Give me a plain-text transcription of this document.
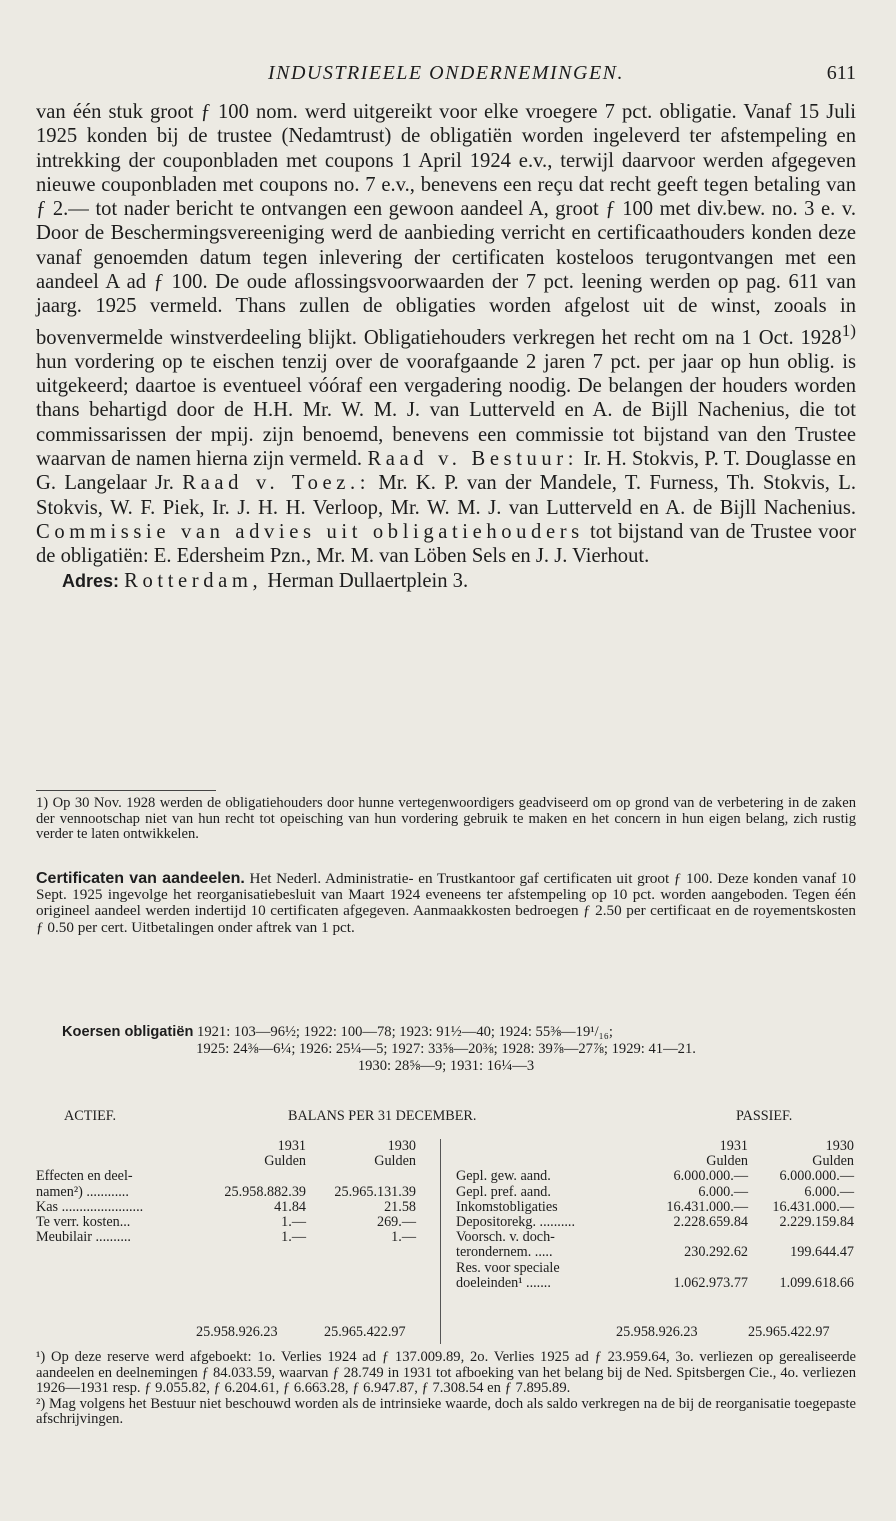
INDUSTRIEELE ONDERNEMINGEN.	611

van één stuk groot ƒ 100 nom. werd uitgereikt voor elke vroegere 7 pct. obligatie. Vanaf 15 Juli 1925 konden bij de trustee (Nedamtrust) de obligatiën worden ingeleverd ter afstempeling en intrekking der couponbladen met coupons 1 April 1924 e.v., terwijl daarvoor werden afgegeven nieuwe couponbladen met coupons no. 7 e.v., benevens een reçu dat recht geeft tegen betaling van ƒ 2.— tot nader bericht te ontvangen een gewoon aandeel A, groot ƒ 100 met div.bew. no. 3 e. v. Door de Beschermingsvereeniging werd de aanbieding verricht en certificaathouders konden deze vanaf genoemden datum tegen inlevering der certificaten kosteloos terugontvangen met een aandeel A ad ƒ 100. De oude aflossingsvoorwaarden der 7 pct. leening werden op pag. 611 van jaarg. 1925 vermeld. Thans zullen de obligaties worden afgelost uit de winst, zooals in bovenvermelde winstverdeeling blijkt. Obligatiehouders verkregen het recht om na 1 Oct. 1928$^{1)}$ hun vordering op te eischen tenzij over de voorafgaande 2 jaren 7 pct. per jaar op hun oblig. is uitgekeerd; daartoe is eventueel vóóraf een vergadering noodig. De belangen der houders worden thans behartigd door de H.H. Mr. W. M. J. van Lutterveld en A. de Bijll Nachenius, die tot commissarissen der mpij. zijn benoemd, benevens een commissie tot bijstand van den Trustee waarvan de namen hierna zijn vermeld. Raad v. Bestuur: Ir. H. Stokvis, P. T. Douglasse en G. Langelaar Jr. Raad v. Toez.: Mr. K. P. van der Mandele, T. Furness, Th. Stokvis, L. Stokvis, W. F. Piek, Ir. J. H. H. Verloop, Mr. W. M. J. van Lutterveld en A. de Bijll Nachenius. Commissie van advies uit obligatiehouders tot bijstand van de Trustee voor de obligatiën: E. Edersheim Pzn., Mr. M. van Löben Sels en J. J. Vierhout.

Adres: Rotterdam, Herman Dullaertplein 3.

1) Op 30 Nov. 1928 werden de obligatiehouders door hunne vertegenwoordigers geadviseerd om op grond van de verbetering in de zaken der vennootschap niet van hun recht tot opeisching van hun vordering gebruik te maken en het concern in hun eigen belang, zich rustig verder te laten ontwikkelen.
Certificaten van aandeelen. Het Nederl. Administratie- en Trustkantoor gaf certificaten uit groot ƒ 100. Deze konden vanaf 10 Sept. 1925 ingevolge het reorganisatiebesluit van Maart 1924 eveneens ter afstempeling op 10 pct. worden aangeboden. Tegen één origineel aandeel werden indertijd 10 certificaten afgegeven. Aanmaakkosten bedroegen ƒ 2.50 per certificaat en de royementskosten ƒ 0.50 per cert. Uitbetalingen onder aftrek van 1 pct.
Koersen obligatiën 1921: 103—96½; 1922: 100—78; 1923: 91½—40; 1924: 55⅜—19¹/₁₆;
1925: 24⅜—6¼; 1926: 25¼—5; 1927: 33⅝—20⅜; 1928: 39⅞—27⅞; 1929: 41—21.
1930: 28⅝—9; 1931: 16¼—3
ACTIEF.	BALANS PER 31 DECEMBER.	PASSIEF.
1931	1930
Gulden	Gulden
Effecten en deel-
namen²) ............	25.958.882.39 25.965.131.39
Kas .......................	41.84	21.58
Te verr. kosten...	1.—	269.—
Meubilair ..........	1.—	1.—
1931	1930
Gulden	Gulden
Gepl. gew. aand.	6.000.000.— 6.000.000.—
Gepl. pref. aand.	6.000.—	6.000.—
Inkomstobligaties	16.431.000.— 16.431.000.—
Depositorekg. ..........	2.228.659.84 2.229.159.84
Voorsch. v. doch-
terondernem. .....	230.292.62	199.644.47
Res. voor speciale
doeleinden¹ .......	1.062.973.77 1.099.618.66
25.958.926.23	25.965.422.97	25.958.926.23	25.965.422.97
¹) Op deze reserve werd afgeboekt: 1o. Verlies 1924 ad ƒ 137.009.89, 2o. Verlies 1925 ad ƒ 23.959.64, 3o. verliezen op gerealiseerde aandeelen en deelnemingen ƒ 84.033.59, waarvan ƒ 28.749 in 1931 tot afboeking van het belang bij de Ned. Spitsbergen Cie., 4o. verliezen 1926—1931 resp. ƒ 9.055.82, ƒ 6.204.61, ƒ 6.663.28, ƒ 6.947.87, ƒ 7.308.54 en ƒ 7.895.89.
²) Mag volgens het Bestuur niet beschouwd worden als de intrinsieke waarde, doch als saldo verkregen na de bij de reorganisatie toegepaste afschrijvingen.
